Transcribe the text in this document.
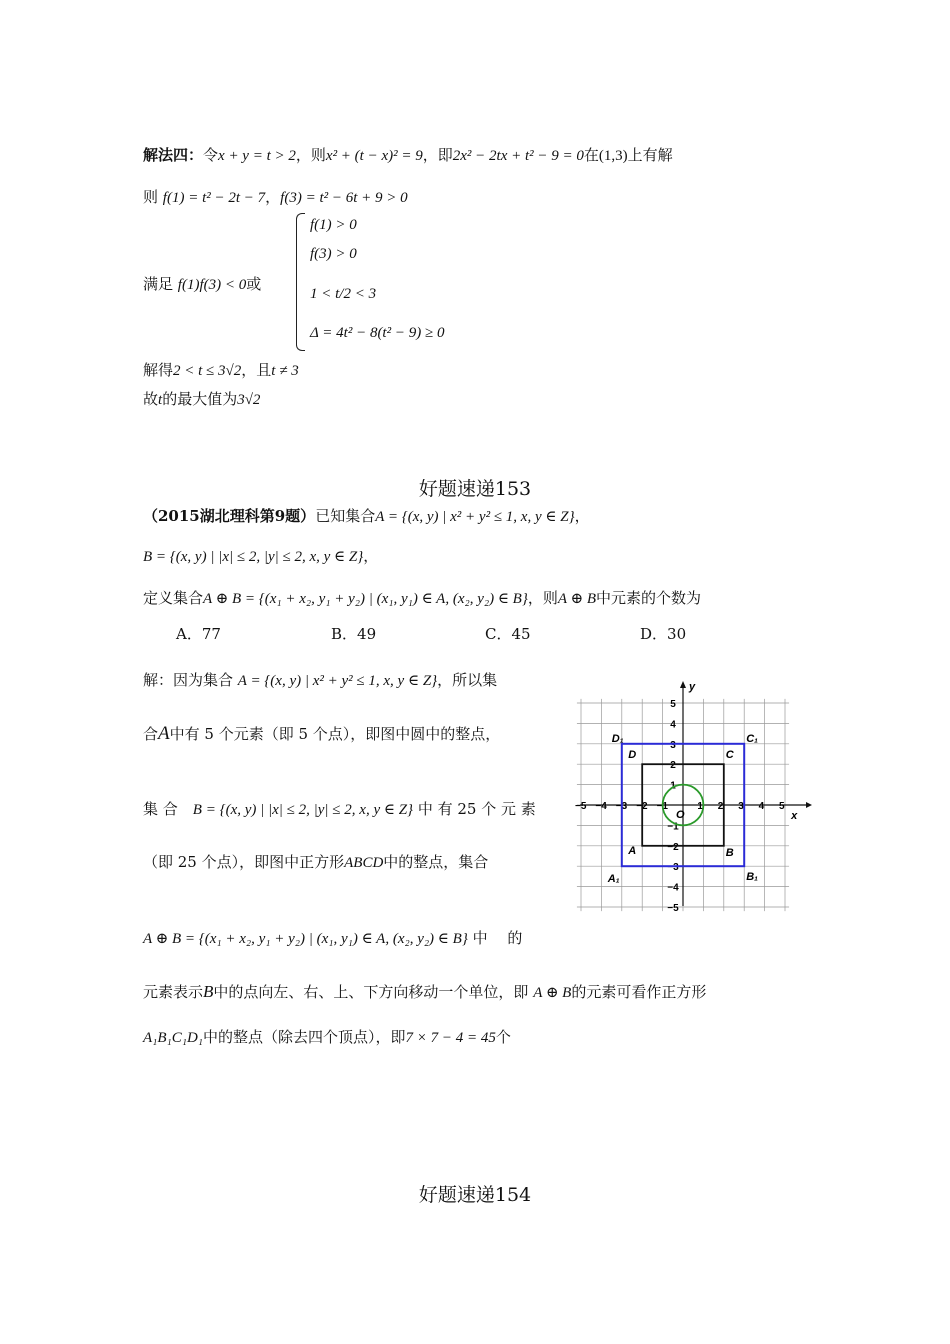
解法四：令x + y = t > 2，则x² + (t − x)² = 9，即2x² − 2tx + t² − 9 = 0在(1,3)上有解
则 f(1) = t² − 2t − 7，f(3) = t² − 6t + 9 > 0
满足 f(1)f(3) < 0或
f(1) > 0
f(3) > 0
1 < t/2 < 3
Δ = 4t² − 8(t² − 9) ≥ 0
解得2 < t ≤ 3√2，且t ≠ 3
故t的最大值为3√2
好题速递153
（2015湖北理科第9题）已知集合A = {(x, y) | x² + y² ≤ 1, x, y ∈ Z}，
B = {(x, y) | |x| ≤ 2, |y| ≤ 2, x, y ∈ Z}，
定义集合A ⊕ B = {(x₁ + x₂, y₁ + y₂) | (x₁, y₁) ∈ A, (x₂, y₂) ∈ B}，则A ⊕ B中元素的个数为
A．77	B．49	C．45	D．30
解：因为集合 A = {(x, y) | x² + y² ≤ 1, x, y ∈ Z}，所以集
合A中有 5 个元素（即 5 个点），即图中圆中的整点，
集 合　 B = {(x, y) | |x| ≤ 2, |y| ≤ 2, x, y ∈ Z} 中 有 25 个 元 素
（即 25 个点），即图中正方形ABCD中的整点，集合
A ⊕ B = {(x₁ + x₂, y₁ + y₂) | (x₁, y₁) ∈ A, (x₂, y₂) ∈ B} 中　 的
元素表示B中的点向左、右、上、下方向移动一个单位，即 A ⊕ B的元素可看作正方形
A₁B₁C₁D₁中的整点（除去四个顶点），即7 × 7 − 4 = 45个
−5 −4 −3 −2 −1	1 2 3 4 5
5
4
3
2
1
−1
−2
−3
−4
−5
x
y
O
A	B
C
D
A₁	B₁
C₁
D₁
好题速递154
